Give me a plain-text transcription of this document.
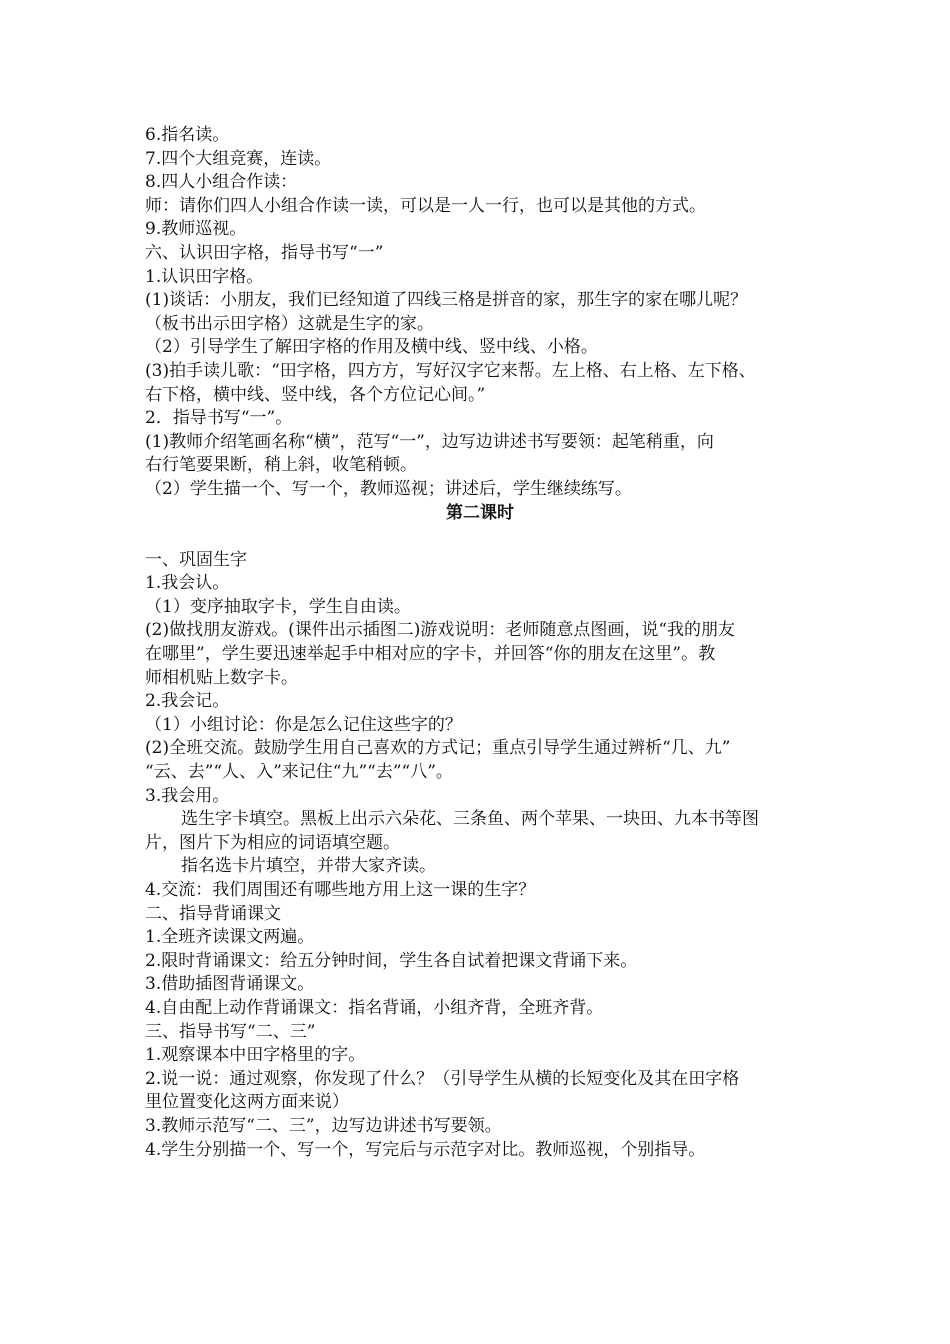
6.指名读。
7.四个大组竞赛，连读。
8.四人小组合作读：
师：请你们四人小组合作读一读，可以是一人一行，也可以是其他的方式。
9.教师巡视。
六、认识田字格，指导书写“一”
1.认识田字格。
(1)谈话：小朋友，我们已经知道了四线三格是拼音的家，那生字的家在哪儿呢？
（板书出示田字格）这就是生字的家。
（2）引导学生了解田字格的作用及横中线、竖中线、小格。
(3)拍手读儿歌：“田字格，四方方，写好汉字它来帮。左上格、右上格、左下格、
右下格，横中线、竖中线，各个方位记心间。”
2．指导书写“一”。
(1)教师介绍笔画名称“横”，范写“一”，边写边讲述书写要领：起笔稍重，向
右行笔要果断，稍上斜，收笔稍顿。
（2）学生描一个、写一个，教师巡视；讲述后，学生继续练写。
第二课时
一、巩固生字
1.我会认。
（1）变序抽取字卡，学生自由读。
(2)做找朋友游戏。(课件出示插图二)游戏说明：老师随意点图画，说“我的朋友
在哪里”，学生要迅速举起手中相对应的字卡，并回答“你的朋友在这里”。教
师相机贴上数字卡。
2.我会记。
（1）小组讨论：你是怎么记住这些字的？
(2)全班交流。鼓励学生用自己喜欢的方式记；重点引导学生通过辨析“几、九”
“云、去”“人、入”来记住“九”“去”“八”。
3.我会用。
选生字卡填空。黑板上出示六朵花、三条鱼、两个苹果、一块田、九本书等图
片，图片下为相应的词语填空题。
指名选卡片填空，并带大家齐读。
4.交流：我们周围还有哪些地方用上这一课的生字？
二、指导背诵课文
1.全班齐读课文两遍。
2.限时背诵课文：给五分钟时间，学生各自试着把课文背诵下来。
3.借助插图背诵课文。
4.自由配上动作背诵课文：指名背诵，小组齐背，全班齐背。
三、指导书写“二、三”
1.观察课本中田字格里的字。
2.说一说：通过观察，你发现了什么？（引导学生从横的长短变化及其在田字格
里位置变化这两方面来说）
3.教师示范写“二、三”，边写边讲述书写要领。
4.学生分别描一个、写一个，写完后与示范字对比。教师巡视，个别指导。
